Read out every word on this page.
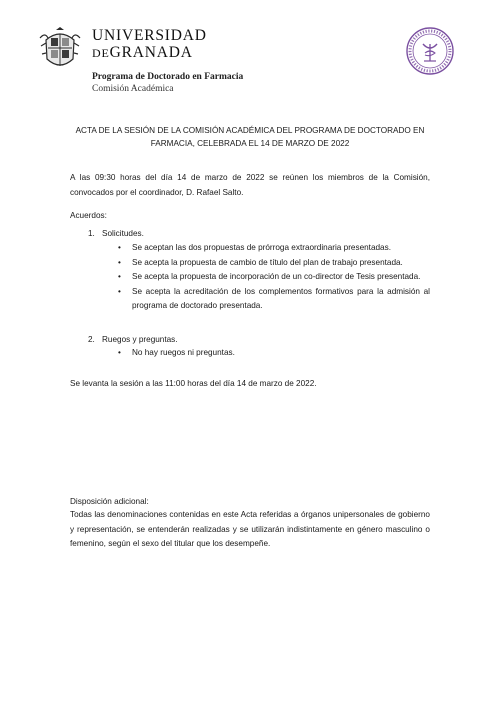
UNIVERSIDAD
DEGRANADA
Programa de Doctorado en Farmacia
Comisión Académica
ACTA DE LA SESIÓN DE LA COMISIÓN ACADÉMICA DEL PROGRAMA DE DOCTORADO EN FARMACIA, CELEBRADA EL 14 DE MARZO DE 2022
A las 09:30 horas del día 14 de marzo de 2022 se reúnen los miembros de la Comisión, convocados por el coordinador, D. Rafael Salto.
Acuerdos:
1. Solicitudes.
• Se aceptan las dos propuestas de prórroga extraordinaria presentadas.
• Se acepta la propuesta de cambio de título del plan de trabajo presentada.
• Se acepta la propuesta de incorporación de un co-director de Tesis presentada.
• Se acepta la acreditación de los complementos formativos para la admisión al programa de doctorado presentada.
2. Ruegos y preguntas.
• No hay ruegos ni preguntas.
Se levanta la sesión a las 11:00 horas del día 14 de marzo de 2022.
Disposición adicional:
Todas las denominaciones contenidas en este Acta referidas a órganos unipersonales de gobierno y representación, se entenderán realizadas y se utilizarán indistintamente en género masculino o femenino, según el sexo del titular que los desempeñe.
